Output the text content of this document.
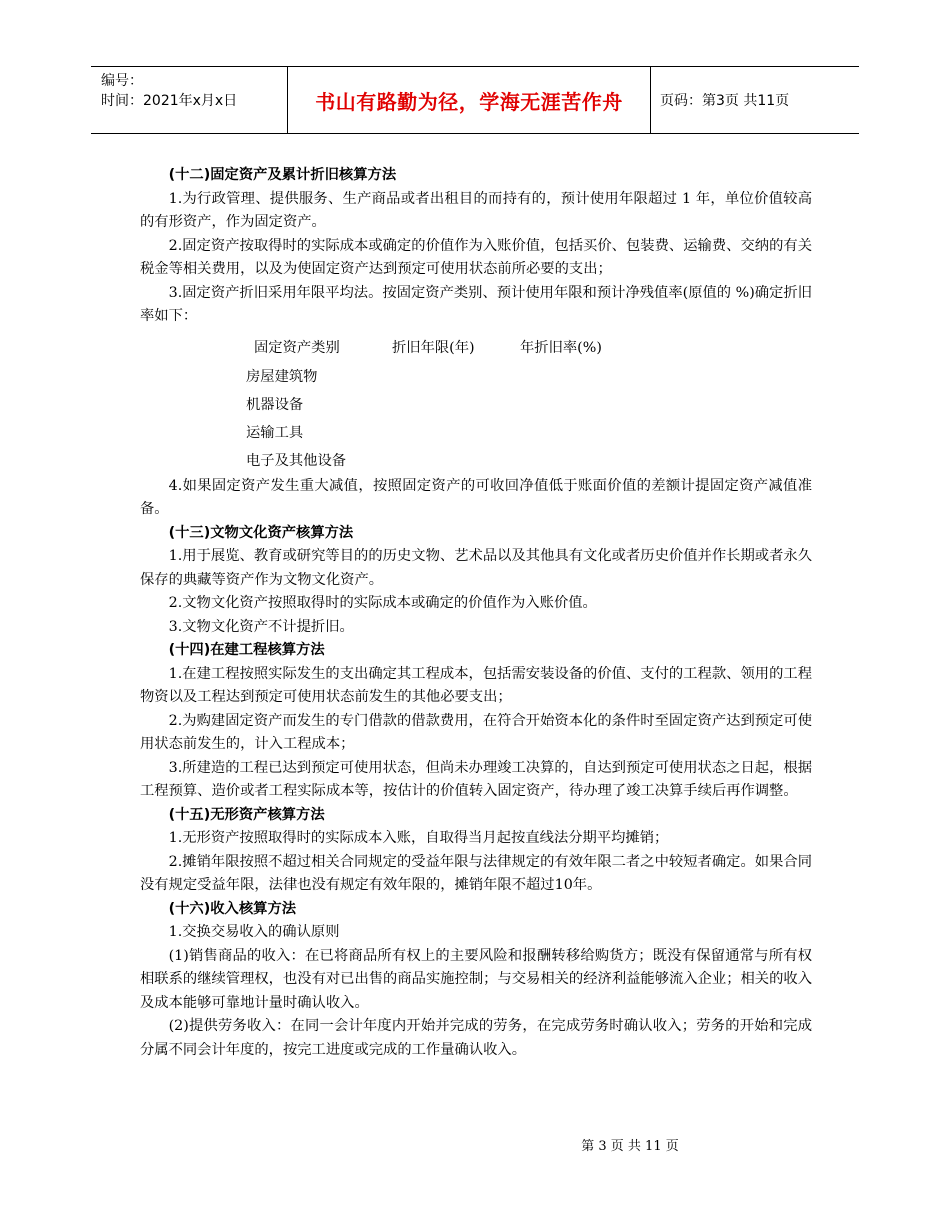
编号：
时间：2021年x月x日	书山有路勤为径，学海无涯苦作舟	页码：第3页 共11页

(十二)固定资产及累计折旧核算方法

1.为行政管理、提供服务、生产商品或者出租目的而持有的，预计使用年限超过 1 年，单位价值较高的有形资产，作为固定资产。

2.固定资产按取得时的实际成本或确定的价值作为入账价值，包括买价、包装费、运输费、交纳的有关税金等相关费用，以及为使固定资产达到预定可使用状态前所必要的支出；

3.固定资产折旧采用年限平均法。按固定资产类别、预计使用年限和预计净残值率(原值的 %)确定折旧率如下：

固定资产类别	折旧年限(年)	年折旧率(%)
房屋建筑物
机器设备
运输工具
电子及其他设备

4.如果固定资产发生重大减值，按照固定资产的可收回净值低于账面价值的差额计提固定资产减值准备。

(十三)文物文化资产核算方法

1.用于展览、教育或研究等目的的历史文物、艺术品以及其他具有文化或者历史价值并作长期或者永久保存的典藏等资产作为文物文化资产。

2.文物文化资产按照取得时的实际成本或确定的价值作为入账价值。

3.文物文化资产不计提折旧。

(十四)在建工程核算方法

1.在建工程按照实际发生的支出确定其工程成本，包括需安装设备的价值、支付的工程款、领用的工程物资以及工程达到预定可使用状态前发生的其他必要支出；

2.为购建固定资产而发生的专门借款的借款费用，在符合开始资本化的条件时至固定资产达到预定可使用状态前发生的，计入工程成本；

3.所建造的工程已达到预定可使用状态，但尚未办理竣工决算的，自达到预定可使用状态之日起，根据工程预算、造价或者工程实际成本等，按估计的价值转入固定资产，待办理了竣工决算手续后再作调整。

(十五)无形资产核算方法

1.无形资产按照取得时的实际成本入账，自取得当月起按直线法分期平均摊销；

2.摊销年限按照不超过相关合同规定的受益年限与法律规定的有效年限二者之中较短者确定。如果合同没有规定受益年限，法律也没有规定有效年限的，摊销年限不超过10年。

(十六)收入核算方法

1.交换交易收入的确认原则

(1)销售商品的收入：在已将商品所有权上的主要风险和报酬转移给购货方；既没有保留通常与所有权相联系的继续管理权，也没有对已出售的商品实施控制；与交易相关的经济利益能够流入企业；相关的收入及成本能够可靠地计量时确认收入。

(2)提供劳务收入：在同一会计年度内开始并完成的劳务，在完成劳务时确认收入；劳务的开始和完成分属不同会计年度的，按完工进度或完成的工作量确认收入。

第 3 页 共 11 页
